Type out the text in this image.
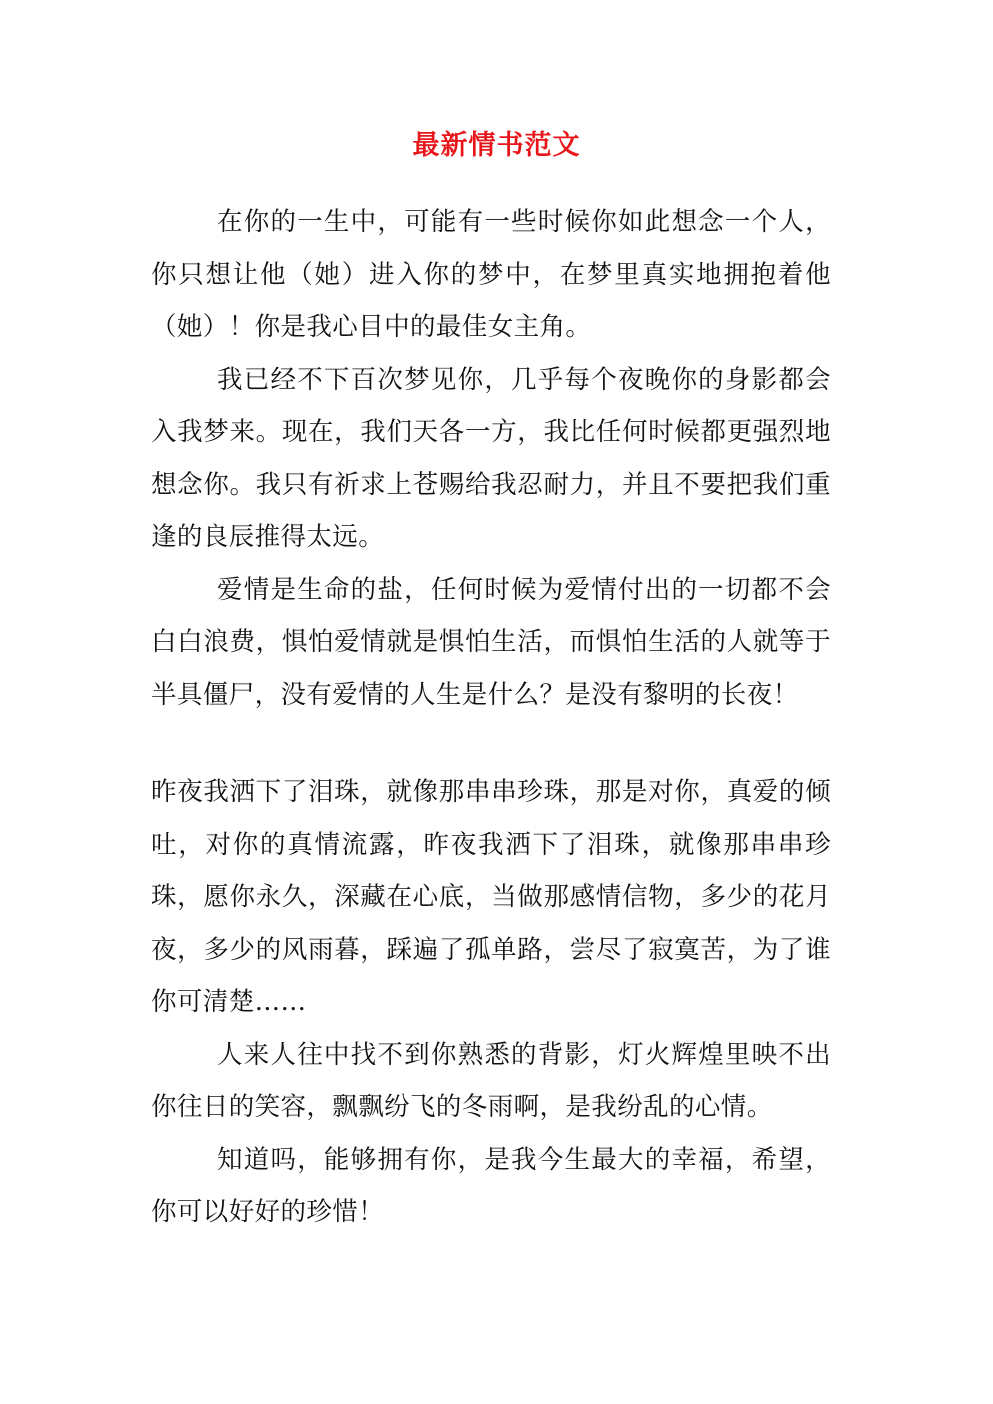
最新情书范文

在你的一生中，可能有一些时候你如此想念一个人，你只想让他（她）进入你的梦中，在梦里真实地拥抱着他（她）！你是我心目中的最佳女主角。

我已经不下百次梦见你，几乎每个夜晚你的身影都会入我梦来。现在，我们天各一方，我比任何时候都更强烈地想念你。我只有祈求上苍赐给我忍耐力，并且不要把我们重逢的良辰推得太远。

爱情是生命的盐，任何时候为爱情付出的一切都不会白白浪费，惧怕爱情就是惧怕生活，而惧怕生活的人就等于半具僵尸，没有爱情的人生是什么？是没有黎明的长夜！

昨夜我洒下了泪珠，就像那串串珍珠，那是对你，真爱的倾吐，对你的真情流露，昨夜我洒下了泪珠，就像那串串珍珠，愿你永久，深藏在心底，当做那感情信物，多少的花月夜，多少的风雨暮，踩遍了孤单路，尝尽了寂寞苦，为了谁你可清楚……

人来人往中找不到你熟悉的背影，灯火辉煌里映不出你往日的笑容，飘飘纷飞的冬雨啊，是我纷乱的心情。

知道吗，能够拥有你，是我今生最大的幸福，希望，你可以好好的珍惜！
